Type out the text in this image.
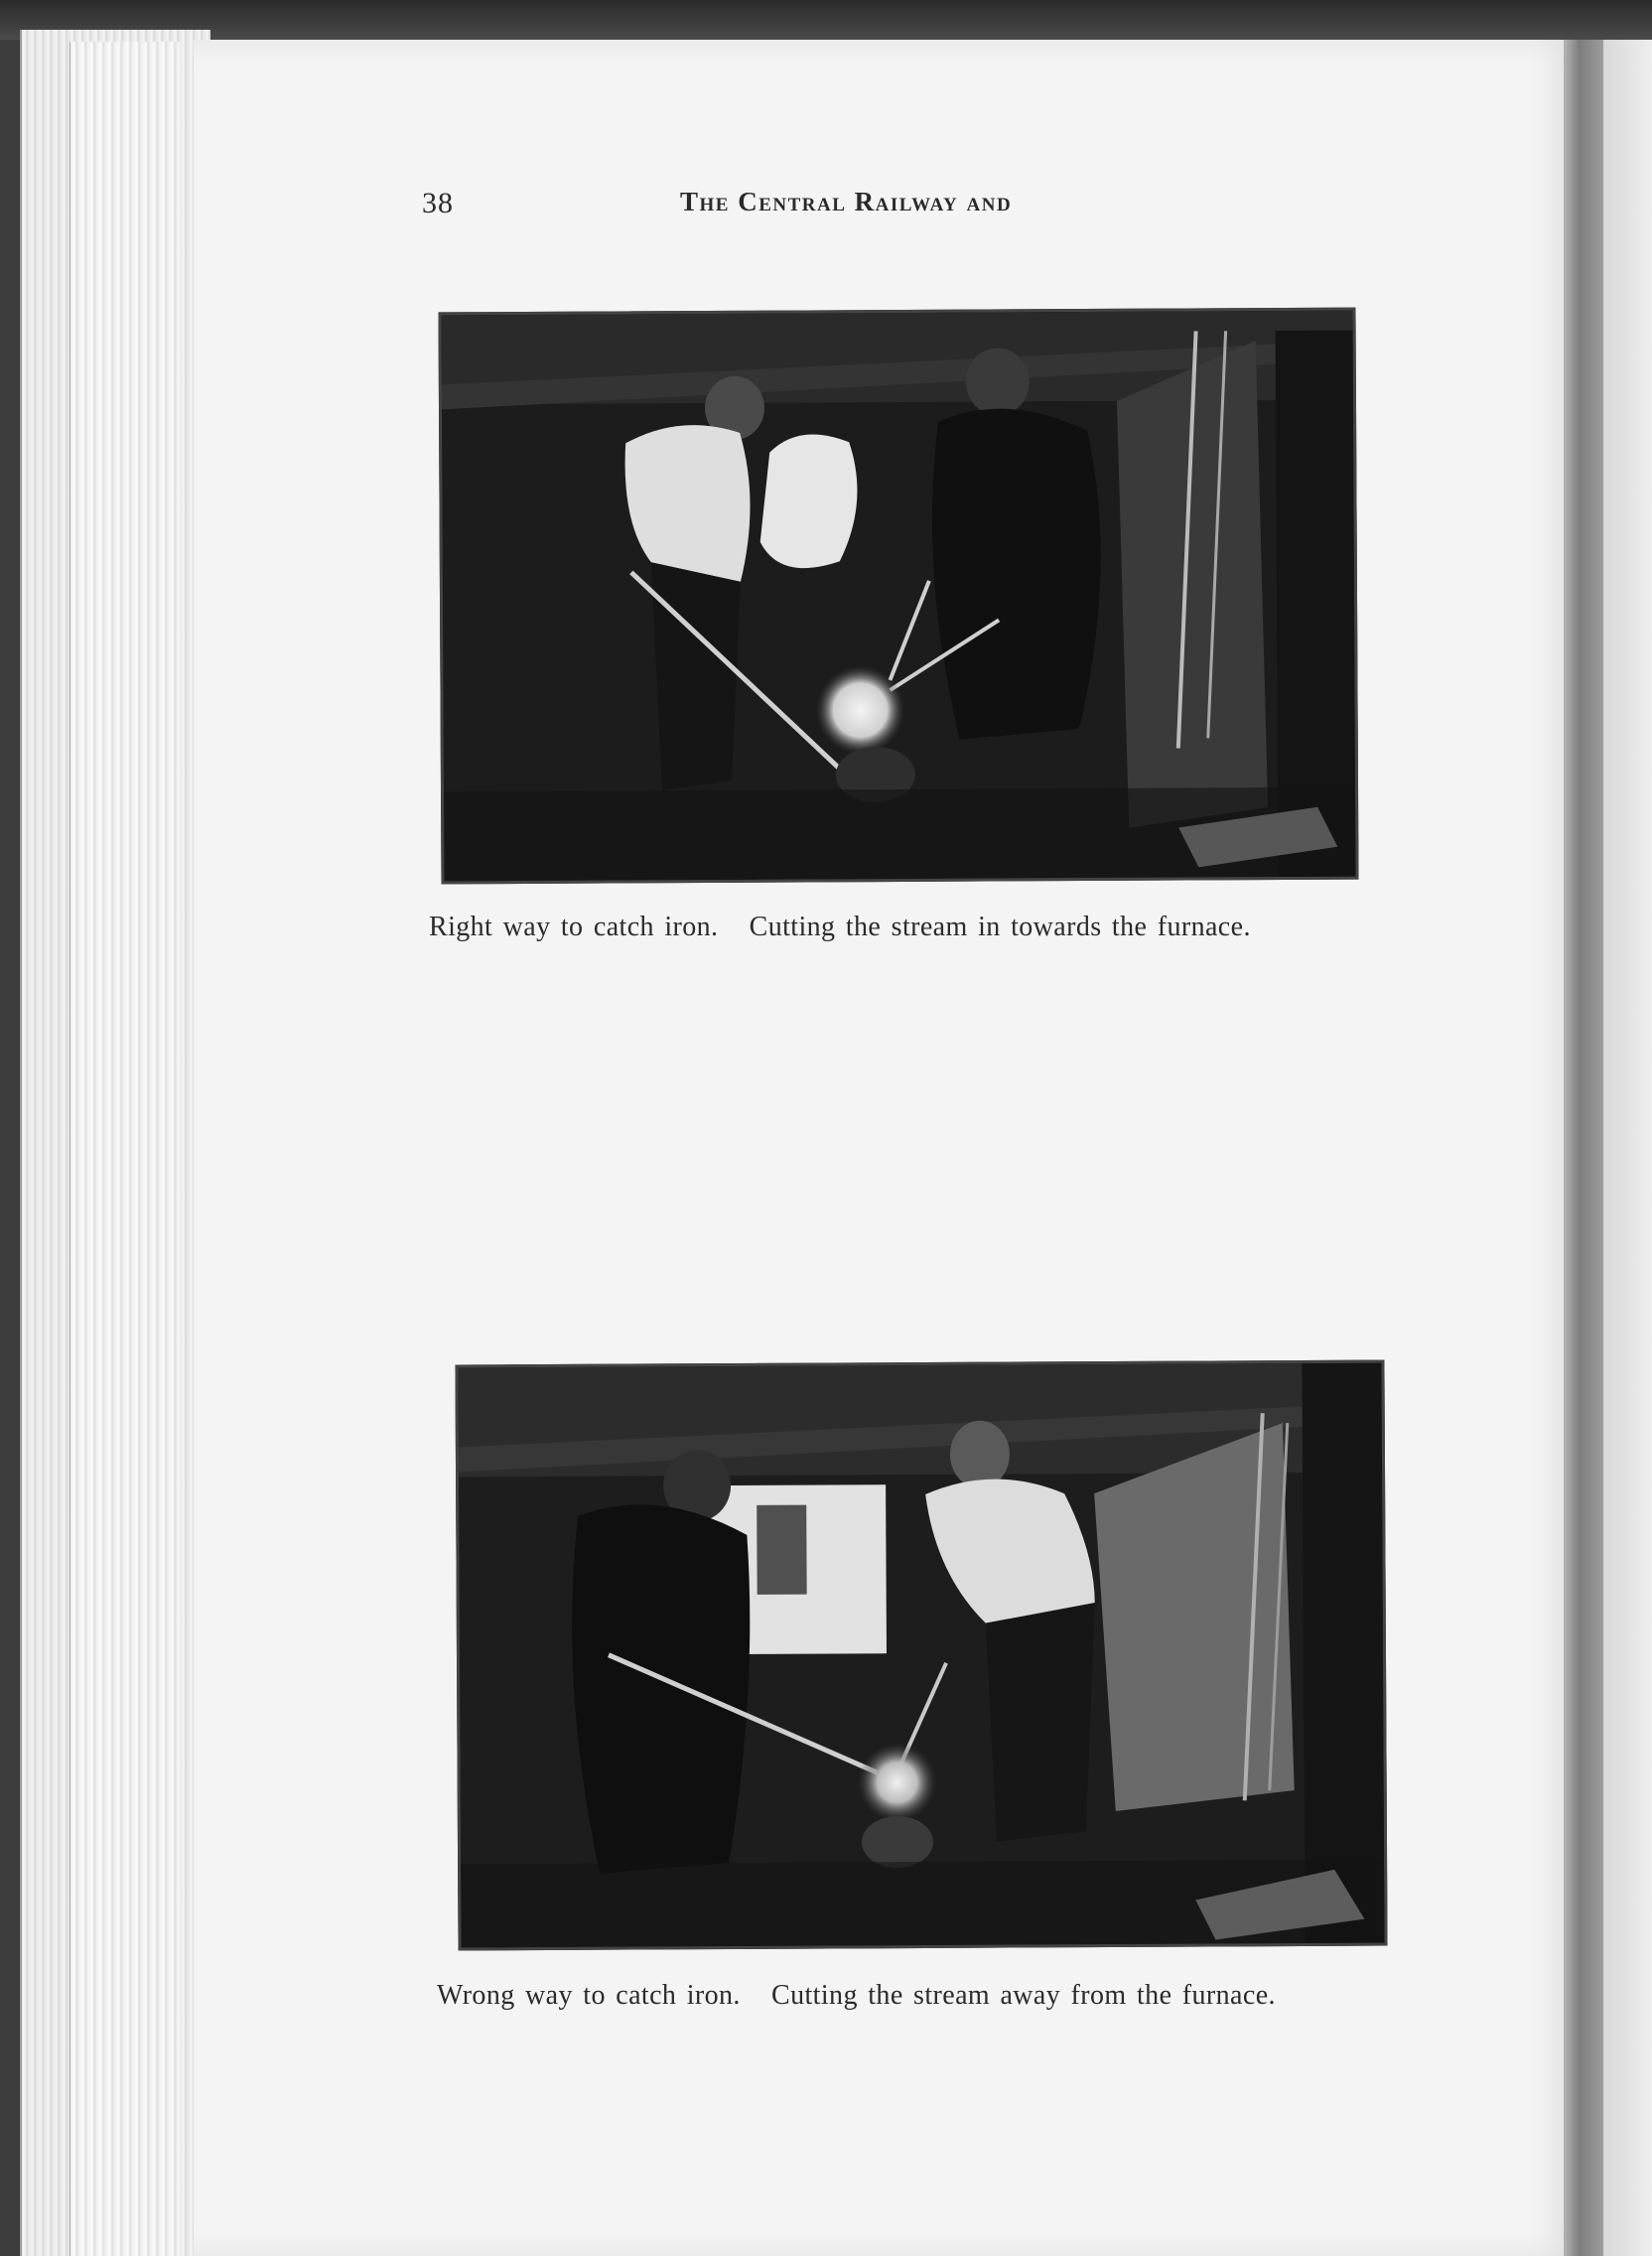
38	The Central Railway and
Right way to catch iron.   Cutting the stream in towards the furnace.
Wrong way to catch iron.   Cutting the stream away from the furnace.
